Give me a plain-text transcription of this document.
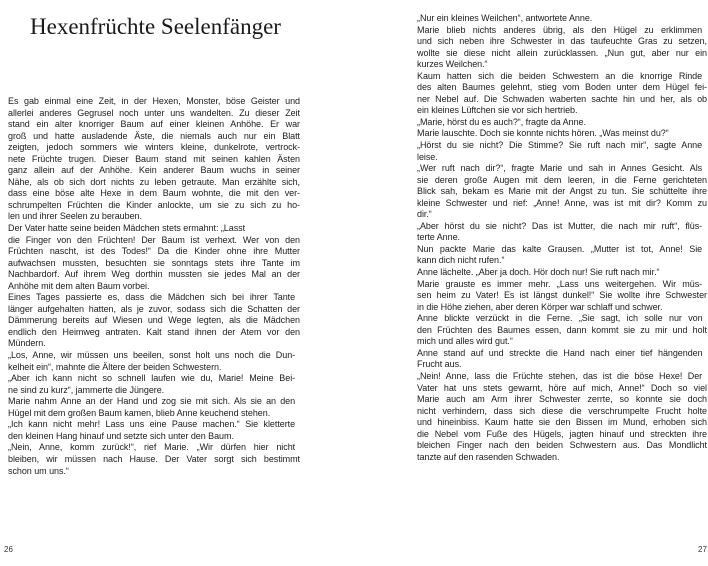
Hexenfrüchte Seelenfänger
Es gab einmal eine Zeit, in der Hexen, Monster, böse Geister und
allerlei anderes Gegrusel noch unter uns wandelten. Zu dieser Zeit
stand ein alter knorriger Baum auf einer kleinen Anhöhe. Er war
groß und hatte ausladende Äste, die niemals auch nur ein Blatt
zeigten, jedoch sommers wie winters kleine, dunkelrote, vertrock-
nete Früchte trugen. Dieser Baum stand mit seinen kahlen Ästen
ganz allein auf der Anhöhe. Kein anderer Baum wuchs in seiner
Nähe, als ob sich dort nichts zu leben getraute. Man erzählte sich,
dass eine böse alte Hexe in dem Baum wohnte, die mit den ver-
schrumpelten Früchten die Kinder anlockte, um sie zu sich zu ho-
len und ihrer Seelen zu berauben.
Der Vater hatte seine beiden Mädchen stets ermahnt: „Lasst
die Finger von den Früchten! Der Baum ist verhext. Wer von den
Früchten nascht, ist des Todes!“ Da die Kinder ohne ihre Mutter
aufwachsen mussten, besuchten sie sonntags stets ihre Tante im
Nachbardorf. Auf ihrem Weg dorthin mussten sie jedes Mal an der
Anhöhe mit dem alten Baum vorbei.
Eines Tages passierte es, dass die Mädchen sich bei ihrer Tante
länger aufgehalten hatten, als je zuvor, sodass sich die Schatten der
Dämmerung bereits auf Wiesen und Wege legten, als die Mädchen
endlich den Heimweg antraten. Kalt stand ihnen der Atem vor den
Mündern.
„Los, Anne, wir müssen uns beeilen, sonst holt uns noch die Dun-
kelheit ein“, mahnte die Ältere der beiden Schwestern.
„Aber ich kann nicht so schnell laufen wie du, Marie! Meine Bei-
ne sind zu kurz“, jammerte die Jüngere.
Marie nahm Anne an der Hand und zog sie mit sich. Als sie an den
Hügel mit dem großen Baum kamen, blieb Anne keuchend stehen.
„Ich kann nicht mehr! Lass uns eine Pause machen.“ Sie kletterte
den kleinen Hang hinauf und setzte sich unter den Baum.
„Nein, Anne, komm zurück!“, rief Marie. „Wir dürfen hier nicht
bleiben, wir müssen nach Hause. Der Vater sorgt sich bestimmt
schon um uns.“
26
„Nur ein kleines Weilchen“, antwortete Anne.
Marie blieb nichts anderes übrig, als den Hügel zu erklimmen
und sich neben ihre Schwester in das taufeuchte Gras zu setzen,
wollte sie diese nicht allein zurücklassen. „Nun gut, aber nur ein
kurzes Weilchen.“
Kaum hatten sich die beiden Schwestern an die knorrige Rinde
des alten Baumes gelehnt, stieg vom Boden unter dem Hügel fei-
ner Nebel auf. Die Schwaden waberten sachte hin und her, als ob
ein kleines Lüftchen sie vor sich hertrieb.
„Marie, hörst du es auch?“, fragte da Anne.
Marie lauschte. Doch sie konnte nichts hören. „Was meinst du?“
„Hörst du sie nicht? Die Stimme? Sie ruft nach mir“, sagte Anne
leise.
„Wer ruft nach dir?“, fragte Marie und sah in Annes Gesicht. Als
sie deren große Augen mit dem leeren, in die Ferne gerichteten
Blick sah, bekam es Marie mit der Angst zu tun. Sie schüttelte ihre
kleine Schwester und rief: „Anne! Anne, was ist mit dir? Komm zu
dir.“
„Aber hörst du sie nicht? Das ist Mutter, die nach mir ruft“, flüs-
terte Anne.
Nun packte Marie das kalte Grausen. „Mutter ist tot, Anne! Sie
kann dich nicht rufen.“
Anne lächelte. „Aber ja doch. Hör doch nur! Sie ruft nach mir.“
Marie grauste es immer mehr. „Lass uns weitergehen. Wir müs-
sen heim zu Vater! Es ist längst dunkel!“ Sie wollte ihre Schwester
in die Höhe ziehen, aber deren Körper war schlaff und schwer.
Anne blickte verzückt in die Ferne. „Sie sagt, ich solle nur von
den Früchten des Baumes essen, dann kommt sie zu mir und holt
mich und alles wird gut.“
Anne stand auf und streckte die Hand nach einer tief hängenden
Frucht aus.
„Nein! Anne, lass die Früchte stehen, das ist die böse Hexe! Der
Vater hat uns stets gewarnt, höre auf mich, Anne!“ Doch so viel
Marie auch am Arm ihrer Schwester zerrte, so konnte sie doch
nicht verhindern, dass sich diese die verschrumpelte Frucht holte
und hineinbiss. Kaum hatte sie den Bissen im Mund, erhoben sich
die Nebel vom Fuße des Hügels, jagten hinauf und streckten ihre
bleichen Finger nach den beiden Schwestern aus. Das Mondlicht
tanzte auf den rasenden Schwaden.
27
